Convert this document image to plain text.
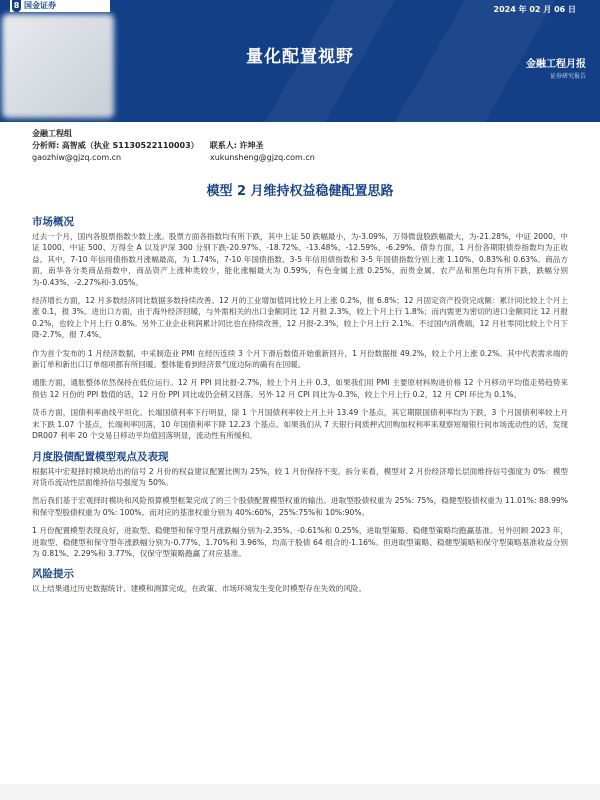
8 国金证券	2024 年 02 月 06 日
量化配置视野	金融工程月报
证券研究报告
金融工程组
分析师: 高智威（执业 S1130522110003） 联系人: 许坤圣
gaozhiw@gjzq.com.cn	xukunsheng@gjzq.com.cn
模型 2 月维持权益稳健配置思路
市场概况

过去一个月，国内各股票指数少数上涨。股票方面各指数均有所下跌，其中上证 50 跌幅最小，为-3.09%，万得微盘股跌幅最大，为-21.28%，中证 2000、中证 1000、中证 500、万得全 A 以及沪深 300 分别下跌-20.97%、-18.72%、-13.48%、-12.59%、-6.29%。债券方面，1 月份各期限债券指数均为正收益。其中，7-10 年信用债指数月涨幅最高，为 1.74%，7-10 年国债指数、3-5 年信用债指数和 3-5 年国债指数分别上涨 1.10%、0.83%和 0.63%。商品方面，南华各分类商品指数中，商品资产上涨种类较少，能化涨幅最大为 0.59%，有色金属上涨 0.25%，而贵金属、农产品和黑色均有所下跌，跌幅分别为-0.43%、-2.27%和-3.05%。

经济增长方面，12 月多数经济同比数据多数持续改善。12 月的工业增加值同比较上月上涨 0.2%，报 6.8%；12 月固定资产投资完成额：累计同比较上个月上涨 0.1，报 3%。进出口方面，由于海外经济回暖，与外需相关的出口金额同比 12 月报 2.3%，较上个月上行 1.8%；而内需更为密切的进口金额同比 12 月报 0.2%，也较上个月上行 0.8%。另外工业企业利润累计同比也在持续改善，12 月报-2.3%，较上个月上行 2.1%。不过国内消费端，12 月社零同比较上个月下降-2.7%，报 7.4%。

作为首个发布的 1 月经济数据，中采制造业 PMI 在经历连续 3 个月下滑后数值开始重新回升，1 月份数据报 49.2%，较上个月上涨 0.2%。其中代表需求端的新订单和新出口订单细项都有所回暖。整体能看到经济景气度边际的确有在回暖。

通胀方面，通胀整体依然保持在低位运行。12 月 PPI 同比报-2.7%，较上个月上升 0.3，如果我们用 PMI 主要原材料购进价格 12 个月移动平均值走势趋势来预估 12 月份的 PPI 数值的话，12 月份 PPI 同比或仍会稍又回落。另外 12 月 CPI 同比为-0.3%，较上个月上行 0.2，12 月 CPI 环比为 0.1%。

货币方面，国债利率曲线平坦化。长端国债利率下行明显，除 1 个月国债利率较上月上升 13.49 个基点，其它期限国债利率均为下跌，3 个月国债利率较上月末下跌 1.07 个基点，长端利率回落，10 年国债利率下降 12.23 个基点。如果我们从 7 天银行间质押式回购加权利率来观察短端银行间市场流动性的话，发现 DR007 利率 20 个交易日移动平均值回落明显，流动性有所缓和。

月度股债配置模型观点及表现

根据其中宏观择时模块给出的信号 2 月份的权益建议配置比例为 25%，较 1 月份保持不变。拆分来看，模型对 2 月份经济增长层面维持信号强度为 0%：模型对货币流动性层面维持信号强度为 50%。

然后我们基于宏观择时模块和风险预算模型框架完成了的三个股债配置模型权重的输出。进取型股债权重为 25%: 75%，稳健型股债权重为 11.01%: 88.99%和保守型股债权重为 0%: 100%。而对应的基准权重分别为 40%:60%，25%:75%和 10%:90%。

1 月份配置模型表现良好，进取型、稳健型和保守型月涨跌幅分别为-2.35%、-0.61%和 0.25%，进取型策略、稳健型策略均跑赢基准。另外回顾 2023 年，进取型、稳健型和保守型年涨跌幅分别为-0.77%、1.70%和 3.96%，均高于股债 64 组合的-1.16%。但进取型策略、稳健型策略和保守型策略基准收益分别为 0.81%、2.29%和 3.77%，仅保守型策略跑赢了对应基准。

风险提示

以上结果通过历史数据统计、建模和测算完成，在政策、市场环境发生变化时模型存在失效的风险。
